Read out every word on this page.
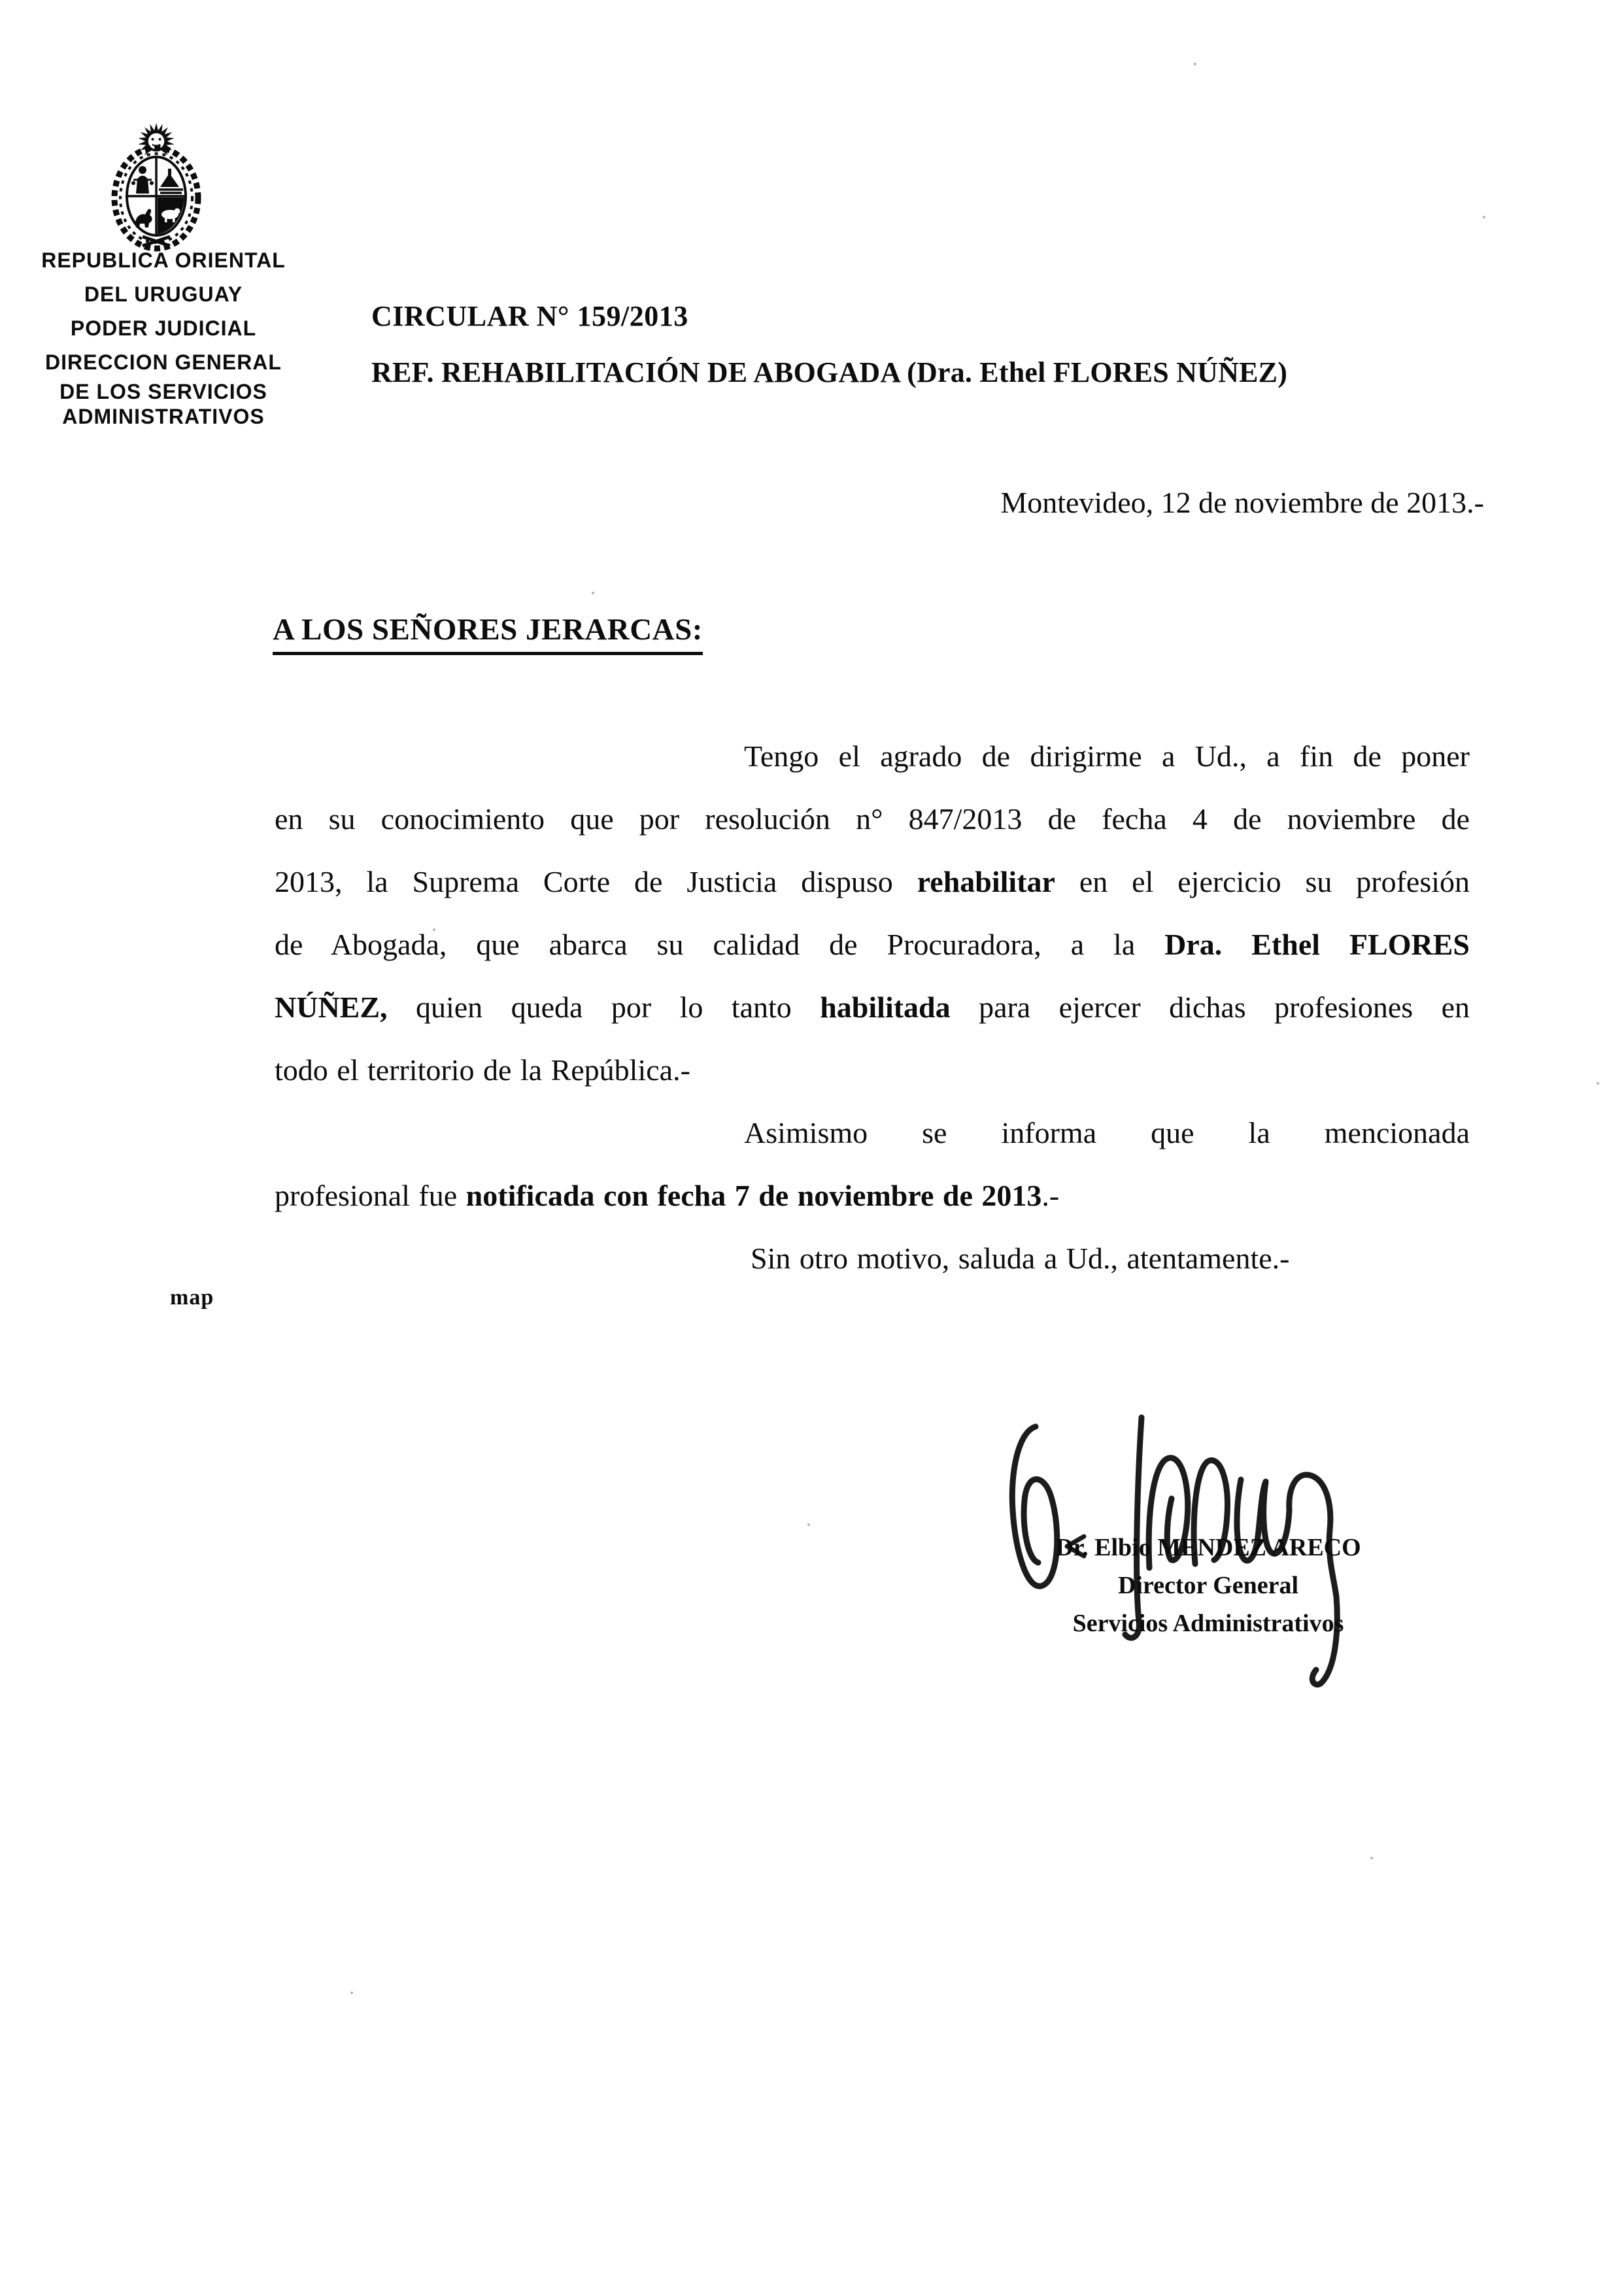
REPUBLICA ORIENTAL
DEL URUGUAY
PODER JUDICIAL
DIRECCION GENERAL
DE LOS SERVICIOS
ADMINISTRATIVOS
CIRCULAR N° 159/2013
REF. REHABILITACIÓN DE ABOGADA (Dra. Ethel FLORES NÚÑEZ)
Montevideo, 12 de noviembre de 2013.-
A LOS SEÑORES JERARCAS:
Tengo el agrado de dirigirme a Ud., a fin de poner
en su conocimiento que por resolución n° 847/2013 de fecha 4 de noviembre de
2013, la Suprema Corte de Justicia dispuso rehabilitar en el ejercicio su profesión
de Abogada, que abarca su calidad de Procuradora, a la Dra. Ethel FLORES
NÚÑEZ, quien queda por lo tanto habilitada para ejercer dichas profesiones en
todo el territorio de la República.-
Asimismo se informa que la mencionada
profesional fue notificada con fecha 7 de noviembre de 2013.-
Sin otro motivo, saluda a Ud., atentamente.-
map
Dr. Elbio MENDEZ ARECO
Director General
Servicios Administrativos
